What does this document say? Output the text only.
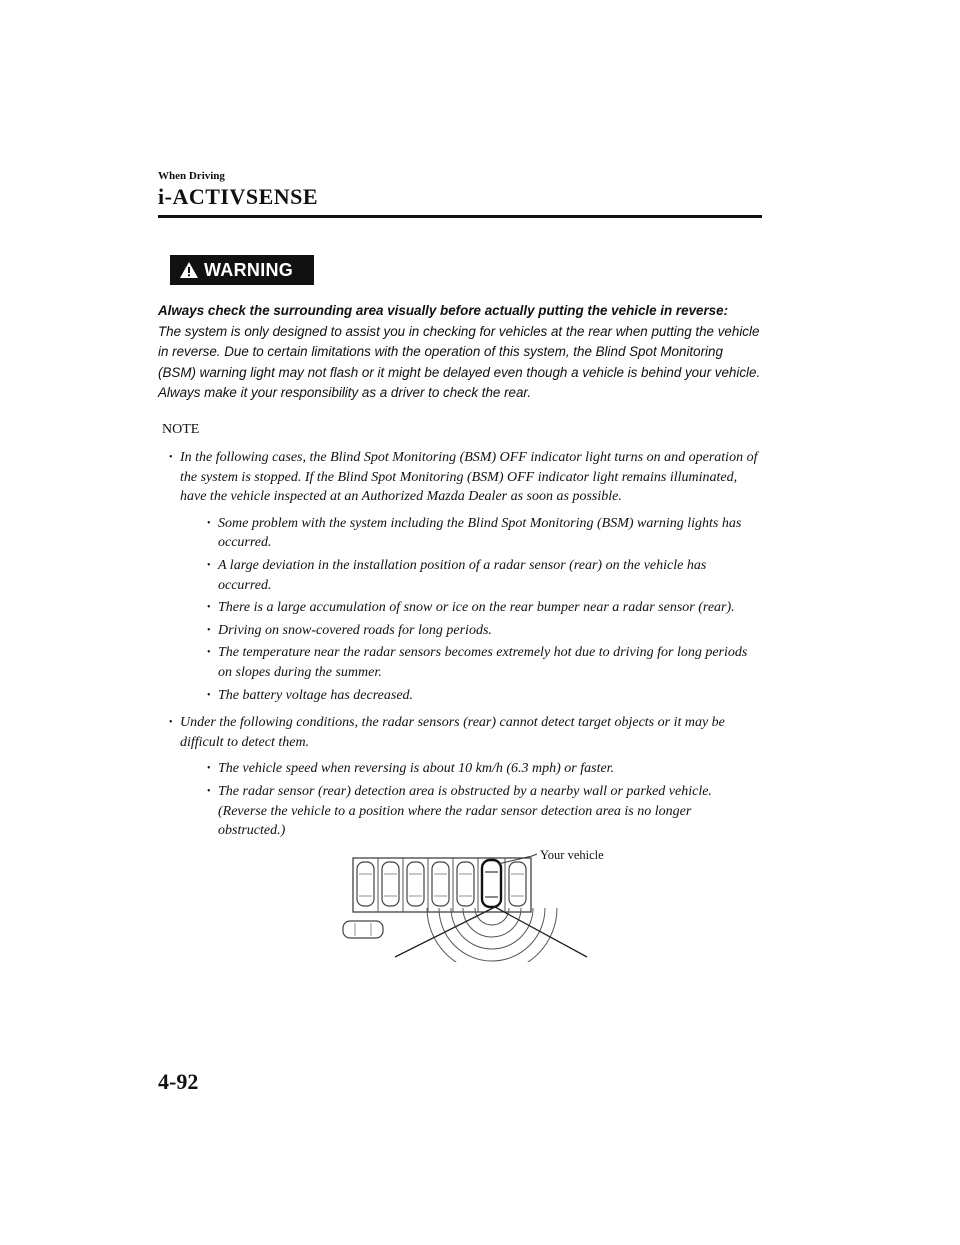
When Driving
i-ACTIVSENSE
WARNING

Always check the surrounding area visually before actually putting the vehicle in reverse:

The system is only designed to assist you in checking for vehicles at the rear when putting the vehicle in reverse. Due to certain limitations with the operation of this system, the Blind Spot Monitoring (BSM) warning light may not flash or it might be delayed even though a vehicle is behind your vehicle. Always make it your responsibility as a driver to check the rear.

NOTE
• In the following cases, the Blind Spot Monitoring (BSM) OFF indicator light turns on and operation of the system is stopped. If the Blind Spot Monitoring (BSM) OFF indicator light remains illuminated, have the vehicle inspected at an Authorized Mazda Dealer as soon as possible.
• Some problem with the system including the Blind Spot Monitoring (BSM) warning lights has occurred.
• A large deviation in the installation position of a radar sensor (rear) on the vehicle has occurred.
• There is a large accumulation of snow or ice on the rear bumper near a radar sensor (rear).
• Driving on snow-covered roads for long periods.
• The temperature near the radar sensors becomes extremely hot due to driving for long periods on slopes during the summer.
• The battery voltage has decreased.
• Under the following conditions, the radar sensors (rear) cannot detect target objects or it may be difficult to detect them.
• The vehicle speed when reversing is about 10 km/h (6.3 mph) or faster.
• The radar sensor (rear) detection area is obstructed by a nearby wall or parked vehicle. (Reverse the vehicle to a position where the radar sensor detection area is no longer obstructed.)
Your vehicle
4-92
